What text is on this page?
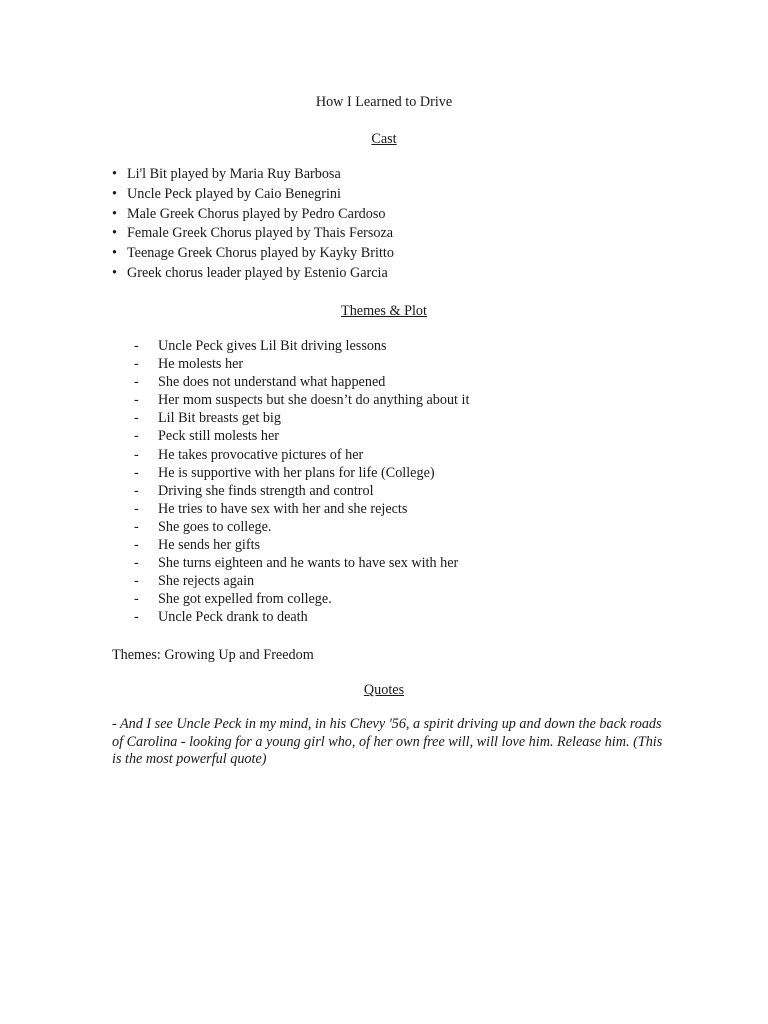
How I Learned to Drive
Cast
• Li'l Bit played by Maria Ruy Barbosa
• Uncle Peck played by Caio Benegrini
• Male Greek Chorus played by Pedro Cardoso
• Female Greek Chorus played by Thais Fersoza
• Teenage Greek Chorus played by Kayky Britto
• Greek chorus leader played by Estenio Garcia
Themes & Plot
- Uncle Peck gives Lil Bit driving lessons
- He molests her
- She does not understand what happened
- Her mom suspects but she doesn’t do anything about it
- Lil Bit breasts get big
- Peck still molests her
- He takes provocative pictures of her
- He is supportive with her plans for life (College)
- Driving she finds strength and control
- He tries to have sex with her and she rejects
- She goes to college.
- He sends her gifts
- She turns eighteen and he wants to have sex with her
- She rejects again
- She got expelled from college.
- Uncle Peck drank to death
Themes: Growing Up and Freedom
Quotes
- And I see Uncle Peck in my mind, in his Chevy '56, a spirit driving up and down the back roads of Carolina - looking for a young girl who, of her own free will, will love him. Release him. (This is the most powerful quote)
